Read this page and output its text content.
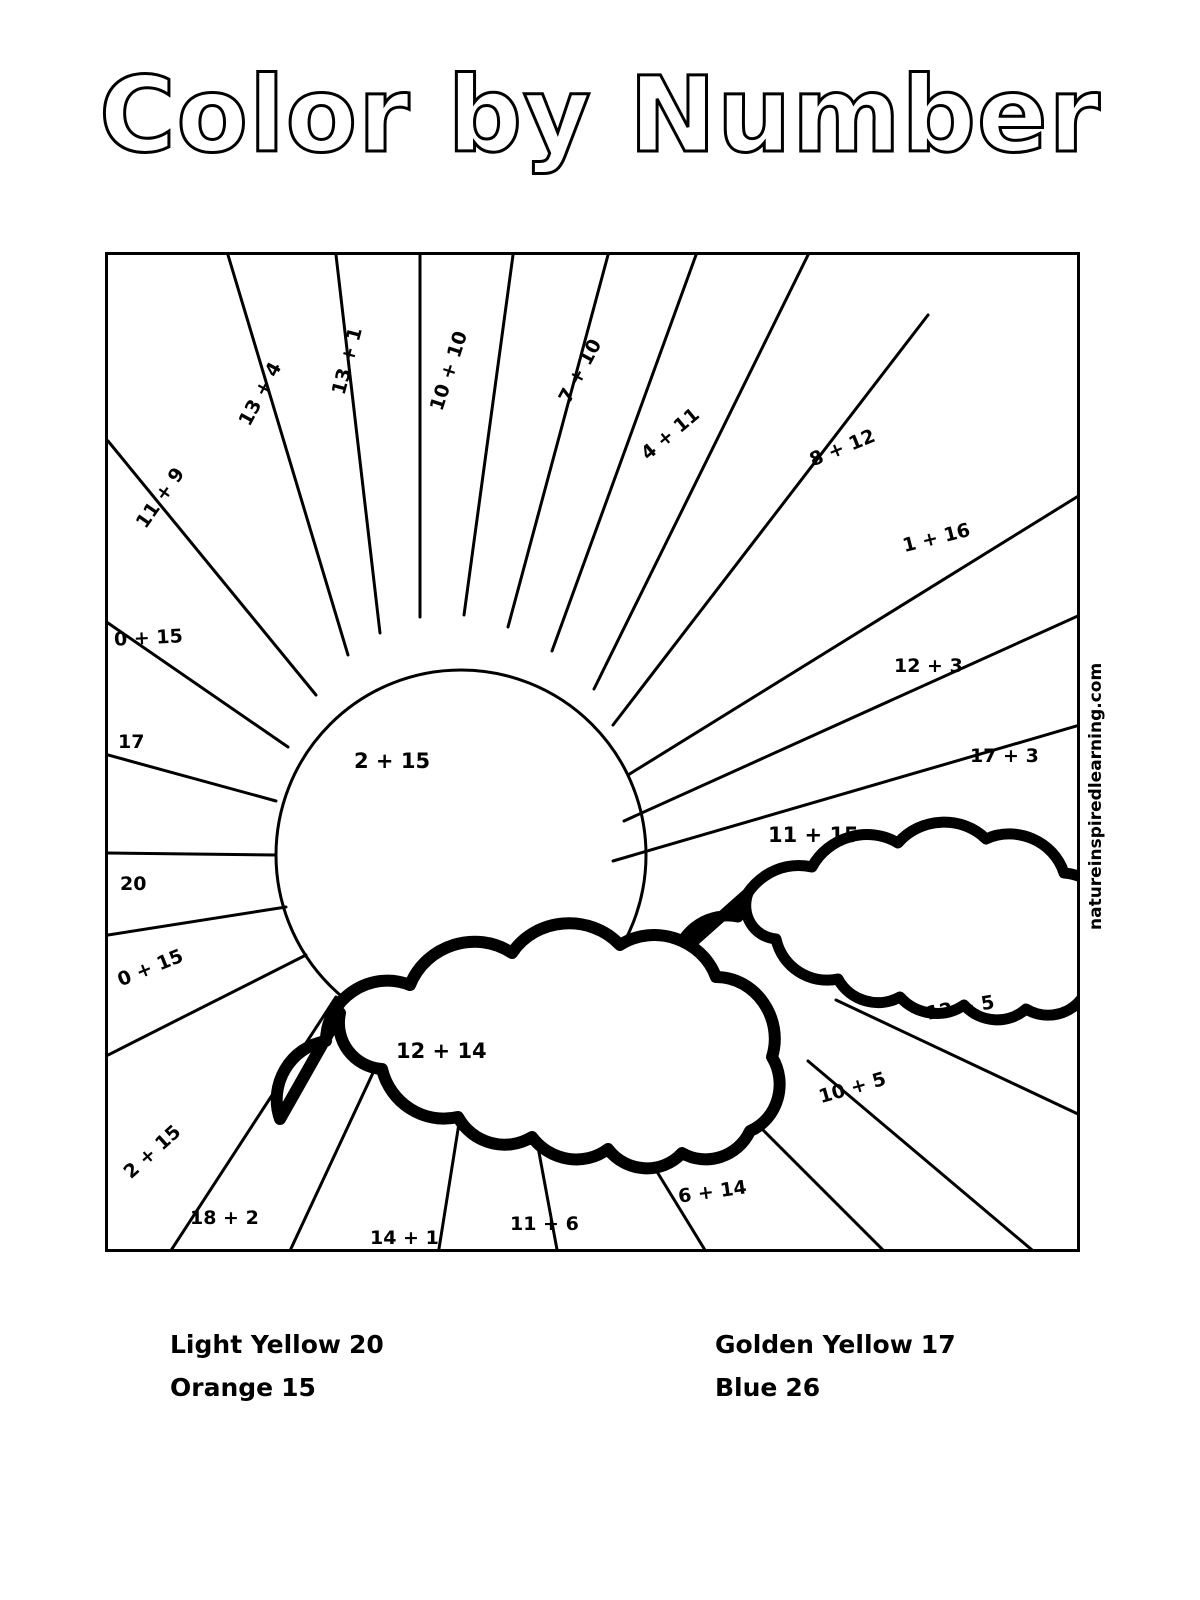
Color by Number
13 + 4 13 + 1	10 + 10	7 + 10
4 + 11	8 + 12
1 + 16
11 + 9
0 + 15
17
20
0 + 15
2 + 15
18 + 2
14 + 1
11 + 6
6 + 14
10 + 5
12 + 5
12 + 3
17 + 3
2 + 15
11 + 15
12 + 14
natureinspiredlearning.com
Light Yellow 20
Orange 15
Golden Yellow 17
Blue 26
